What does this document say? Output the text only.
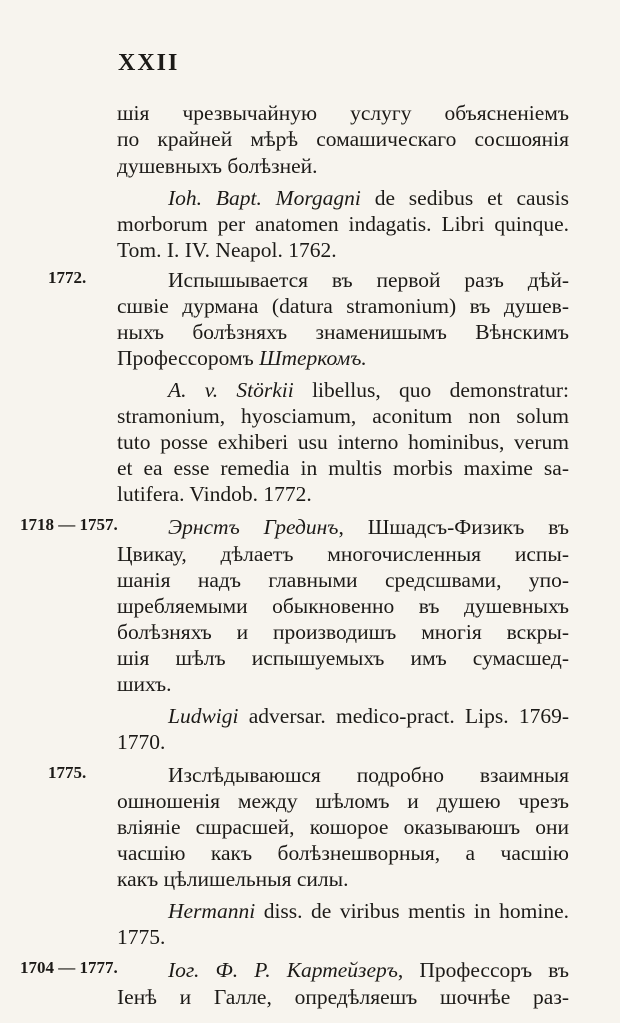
XXII
шія чрезвычайную услугу объясненіемъ
по крайней мѣрѣ сомашическаго сосшоянія
душевныхъ болѣзней.
Ioh. Bapt. Morgagni de sedibus et causis
morborum per anatomen indagatis. Libri quinque.
Tom. I. IV. Neapol. 1762.
1772.	Испышывается въ первой разъ дѣй-
сшвіе дурмана (datura stramonium) въ душев-
ныхъ болѣзняхъ знаменишымъ Вѣнскимъ
Профессоромъ Штеркомъ.
A. v. Störkii libellus, quo demonstratur:
stramonium, hyosciamum, aconitum non solum
tuto posse exhiberi usu interno hominibus, verum
et ea esse remedia in multis morbis maxime sa-
lutifera. Vindob. 1772.
1718 — 1757. Эрнстъ Грединъ, Шшадсъ-Физикъ въ
Цвикау, дѣлаетъ многочисленныя испы-
шанія надъ главными средсшвами, упо-
шребляемыми обыкновенно въ душевныхъ
болѣзняхъ и производишъ многія вскры-
шія шѣлъ испышуемыхъ имъ сумасшед-
шихъ.
Ludwigi adversar. medico-pract. Lips. 1769-
1770.
1775.	Изслѣдываюшся подробно взаимныя
ошношенія между шѣломъ и душею чрезъ
вліяніе сшрасшей, кошорое оказываюшъ они
часшію какъ болѣзнешворныя, а часшію
какъ цѣлишельныя силы.
Hermanni diss. de viribus mentis in homine.
1775.
1704 — 1777. Іог. Ф. Р. Картейзеръ, Профессоръ въ
Іенѣ и Галле, опредѣляешъ шочнѣе раз-
